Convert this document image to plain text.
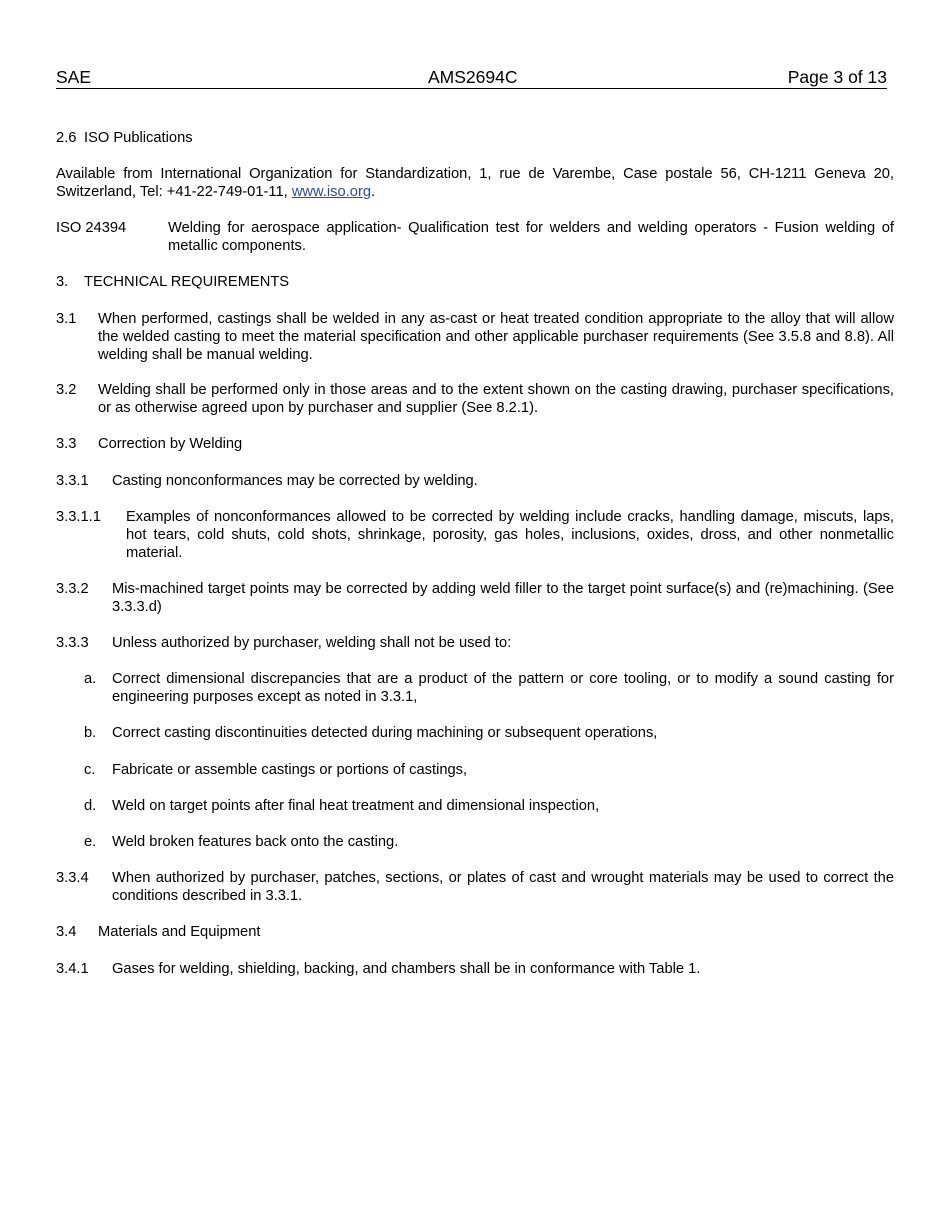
SAE	AMS2694C	Page 3 of 13
2.6 ISO Publications
Available from International Organization for Standardization, 1, rue de Varembe, Case postale 56, CH-1211 Geneva 20, Switzerland, Tel: +41-22-749-01-11, www.iso.org.
ISO 24394	Welding for aerospace application- Qualification test for welders and welding operators - Fusion welding of metallic components.
3. TECHNICAL REQUIREMENTS
3.1 When performed, castings shall be welded in any as-cast or heat treated condition appropriate to the alloy that will allow the welded casting to meet the material specification and other applicable purchaser requirements (See 3.5.8 and 8.8). All welding shall be manual welding.
3.2 Welding shall be performed only in those areas and to the extent shown on the casting drawing, purchaser specifications, or as otherwise agreed upon by purchaser and supplier (See 8.2.1).
3.3 Correction by Welding
3.3.1 Casting nonconformances may be corrected by welding.
3.3.1.1 Examples of nonconformances allowed to be corrected by welding include cracks, handling damage, miscuts, laps, hot tears, cold shuts, cold shots, shrinkage, porosity, gas holes, inclusions, oxides, dross, and other nonmetallic material.
3.3.2 Mis-machined target points may be corrected by adding weld filler to the target point surface(s) and (re)machining. (See 3.3.3.d)
3.3.3 Unless authorized by purchaser, welding shall not be used to:
a. Correct dimensional discrepancies that are a product of the pattern or core tooling, or to modify a sound casting for engineering purposes except as noted in 3.3.1,
b. Correct casting discontinuities detected during machining or subsequent operations,
c. Fabricate or assemble castings or portions of castings,
d. Weld on target points after final heat treatment and dimensional inspection,
e. Weld broken features back onto the casting.
3.3.4 When authorized by purchaser, patches, sections, or plates of cast and wrought materials may be used to correct the conditions described in 3.3.1.
3.4 Materials and Equipment
3.4.1 Gases for welding, shielding, backing, and chambers shall be in conformance with Table 1.
